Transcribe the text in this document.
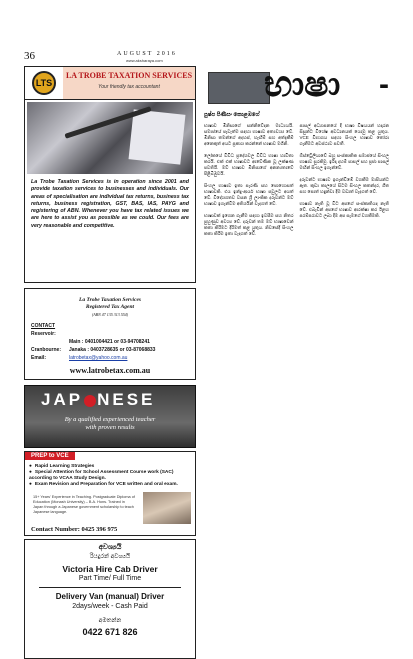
36	AUGUST 2016
www.aksharaya.com
LTS
LA TROBE TAXATION SERVICES
Your friendly tax accountant
La Trobe Taxation Services is in operation since 2001 and provide taxation services to businesses and individuals. Our areas of specialisation are individual tax returns, business tax returns, business registration, GST, BAS, IAS, PAYG and registering of ABN. Whenever you have tax related issues we are here to assist you as possible as we could. Our fees are very reasonable and competitive.
La Trobe Taxation Services
Registered Tax Agent
(ABN 47 135 313 554)
CONTACT
Reservoir:
Main : 0401004421 or 03-94708241
Cranbourne: Janaka : 0403728635 or 03-87068833
Email:	latrobetax@yahoo.com.au
www.latrobetax.com.au
JAP NESE
By a qualified experienced teacher
with proven results
PREP to VCE
● Rapid Learning Strategies
● Special Attention for School Assessment Course work (SAC) according to VCAA Study Design.
● Exam Revision and Preparation for VCE written and oral exam.
15+ Years' Experience in Teaching. Postgraduate Diploma of Education (Monash University) – B.A. Hons. Trained in Japan through a Japanese government scholarship to teach Japanese language.
Contact Number: 0425 396 975
අවශ්‍යයි
රියදුරන් අවශ්‍යයි
Victoria Hire Cab Driver
Part Time/ Full Time
Delivery Van (manual) Driver
2days/week - Cash Paid
අමතන්න
0422 671 826
භාෂා -
පුෂ්ප පිණිසං කොළඹගේ

භාෂාව මිනිසාගේ සන්නිවේදන මාධ්‍යයයි. සමාජයේ පැවැත්ම සඳහා භාෂාව අත්‍යවශ්‍ය වේ. මිනිසා තමන්ගේ අදහස්, හැඟීම් සහ අත්දැකීම් අනෙකුත් අයට ප්‍රකාශ කරන්නේ භාෂාව මගිනි.

ලෝකයේ විවිධ ප්‍රදේශවල විවිධ භාෂා හාවිතා කරයි. එක් එක් භාෂාවට ආවේණික වූ ලක්ෂණ පවතියි. මව් භාෂාව මිනිසාගේ අනන්‍යතාවේ පිළිබිඹුවයි.

සිංහල භාෂාව ඉතා පැරණි සහ පොහොසත් භාෂාවකි. එය ඉන්දු-ආර්ය භාෂා පවුලට අයත් වේ. විදේශගතව වසන ශ්‍රී ලාංකික දරුවන්ට මව් භාෂාව ඉගැන්වීම අතිශයින් වැදගත් වේ.

භාෂාවක් ඉගෙන ගැනීම සඳහා ඉවසීම සහ නිතර පුහුණුව අවශ්‍ය වේ. දරුවන් තම මව් භාෂාවෙන් කතා කිරීමට දිරිමත් කළ යුතුය. නිවසේදී සිංහල කතා කිරීම ඉතා වැදගත් වේ.

පාසල් අධ්‍යාපනයේ දී භාෂා විෂයයන් හදාරන සිසුන්ට විශේෂ අවධානයක් යොමු කළ යුතුය. VCE විභාගය සඳහා සිංහල භාෂාව තෝරා ගැනීමට අවස්ථාව පවතී.

ඕස්ට්‍රේලියාවේ බහු සංස්කෘතික සමාජයේ සිංහල භාෂාව සුරකිමු. ඉරිදා දහම් පාසල් සහ ප්‍රජා පාසල් මඟින් සිංහල ඉගැන්වේ.

දරුවන්ට භාෂාව ඉගැන්වීමේ වගකීම මාපියන්ට ඇත. කුඩා කාලයේ සිටම සිංහල කතන්දර, ගීත සහ පොත් හඳුන්වා දීම වඩාත් වැදගත් වේ.

භාෂාව නැති වූ විට අපගේ සංස්කෘතියද නැති වේ. එබැවින් අපගේ භාෂාව ආරක්ෂා කර ඊළඟ පරම්පරාවට ලබා දීම අප සැමගේ වගකීමකි.
